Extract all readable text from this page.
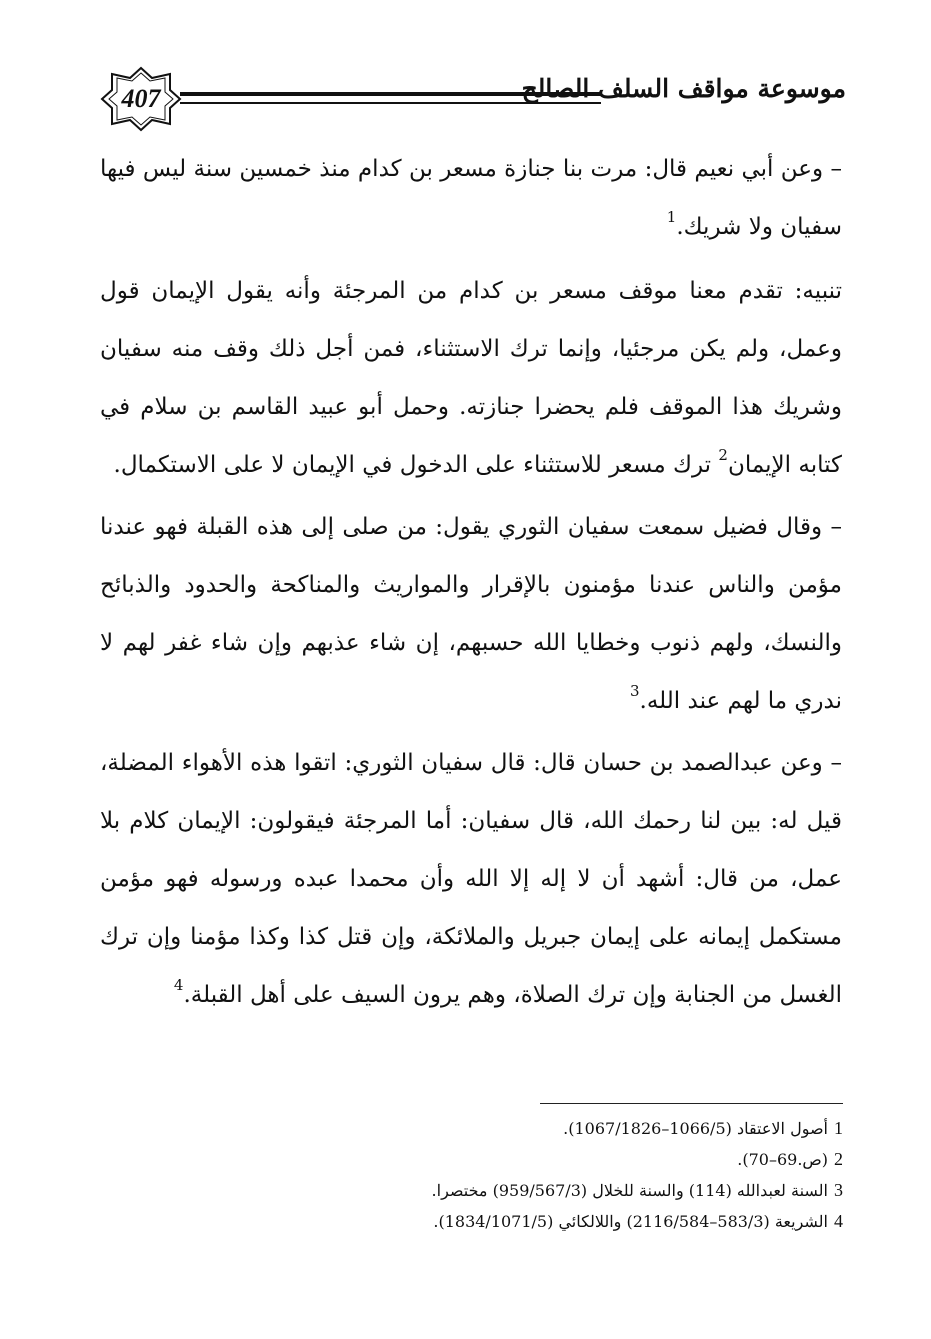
407	موسوعة مواقف السلف الصالح

– وعن أبي نعيم قال: مرت بنا جنازة مسعر بن كدام منذ خمسين سنة ليس فيها سفيان ولا شريك.$^1$

تنبيه: تقدم معنا موقف مسعر بن كدام من المرجئة وأنه يقول الإيمان قول وعمل، ولم يكن مرجئيا، وإنما ترك الاستثناء، فمن أجل ذلك وقف منه سفيان وشريك هذا الموقف فلم يحضرا جنازته. وحمل أبو عبيد القاسم بن سلام في كتابه الإيمان$^2$ ترك مسعر للاستثناء على الدخول في الإيمان لا على الاستكمال.

– وقال فضيل سمعت سفيان الثوري يقول: من صلى إلى هذه القبلة فهو عندنا مؤمن والناس عندنا مؤمنون بالإقرار والمواريث والمناكحة والحدود والذبائح والنسك، ولهم ذنوب وخطايا الله حسبهم، إن شاء عذبهم وإن شاء غفر لهم لا ندري ما لهم عند الله.$^3$

– وعن عبدالصمد بن حسان قال: قال سفيان الثوري: اتقوا هذه الأهواء المضلة، قيل له: بين لنا رحمك الله، قال سفيان: أما المرجئة فيقولون: الإيمان كلام بلا عمل، من قال: أشهد أن لا إله إلا الله وأن محمدا عبده ورسوله فهو مؤمن مستكمل إيمانه على إيمان جبريل والملائكة، وإن قتل كذا وكذا مؤمنا وإن ترك الغسل من الجنابة وإن ترك الصلاة، وهم يرون السيف على أهل القبلة.$^4$

1أصول الاعتقاد (1066/5–1067/1826).
2(ص.69–70).
3السنة لعبدالله (114) والسنة للخلال (959/567/3) مختصرا.
4الشريعة (583/3–2116/584) واللالكائي (1834/1071/5).
